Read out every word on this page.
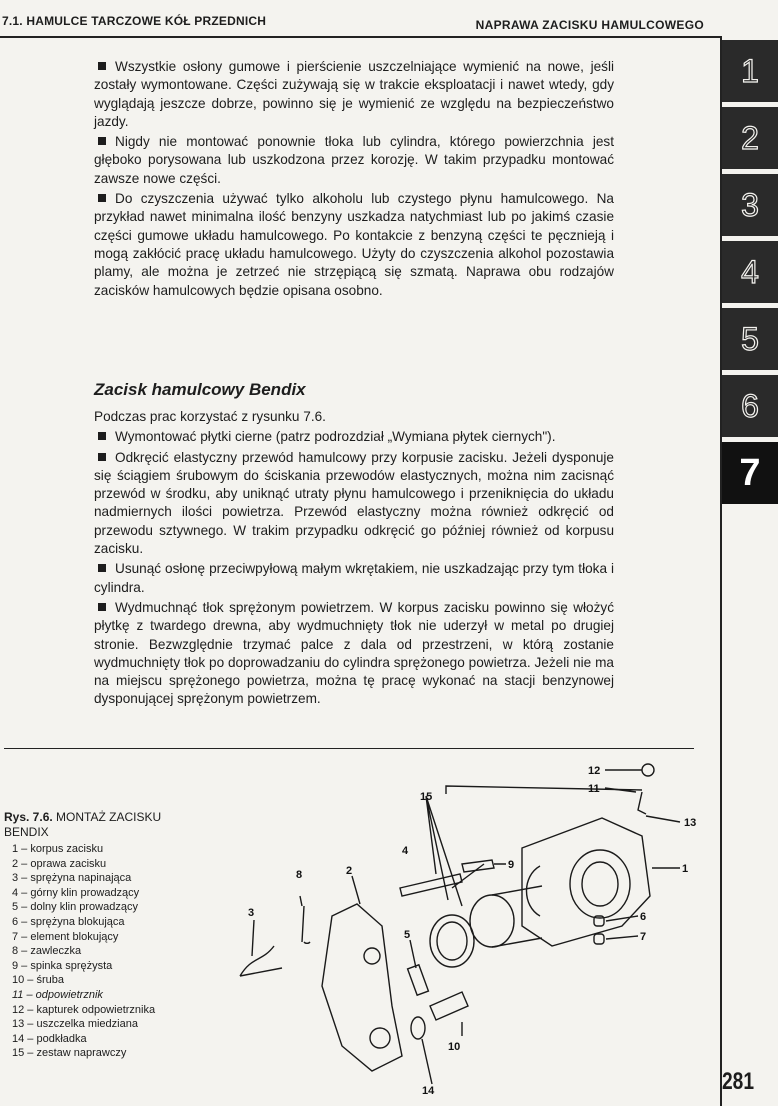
7.1. HAMULCE TARCZOWE KÓŁ PRZEDNICH	NAPRAWA ZACISKU HAMULCOWEGO
1
2
3
4
5
6
7

Wszystkie osłony gumowe i pierścienie uszczelniające wymienić na nowe, jeśli zostały wymontowane. Części zużywają się w trakcie eksploatacji i nawet wtedy, gdy wyglądają jeszcze dobrze, powinno się je wymienić ze względu na bezpieczeństwo jazdy.

Nigdy nie montować ponownie tłoka lub cylindra, którego powierzchnia jest głęboko porysowana lub uszkodzona przez korozję. W takim przypadku montować zawsze nowe części.

Do czyszczenia używać tylko alkoholu lub czystego płynu hamulcowego. Na przykład nawet minimalna ilość benzyny uszkadza natychmiast lub po jakimś czasie części gumowe układu hamulcowego. Po kontakcie z benzyną części te pęcznieją i mogą zakłócić pracę układu hamulcowego. Użyty do czyszczenia alkohol pozostawia plamy, ale można je zetrzeć nie strzępiącą się szmatą. Naprawa obu rodzajów zacisków hamulcowych będzie opisana osobno.

Zacisk hamulcowy Bendix

Podczas prac korzystać z rysunku 7.6.

Wymontować płytki cierne (patrz podrozdział „Wymiana płytek ciernych").

Odkręcić elastyczny przewód hamulcowy przy korpusie zacisku. Jeżeli dysponuje się ściągiem śrubowym do ściskania przewodów elastycznych, można nim zacisnąć przewód w środku, aby uniknąć utraty płynu hamulcowego i przeniknięcia do układu nadmiernych ilości powietrza. Przewód elastyczny można również odkręcić od przewodu sztywnego. W trakim przypadku odkręcić go później również od korpusu zacisku.

Usunąć osłonę przeciwpyłową małym wkrętakiem, nie uszkadzając przy tym tłoka i cylindra.

Wydmuchnąć tłok sprężonym powietrzem. W korpus zacisku powinno się włożyć płytkę z twardego drewna, aby wydmuchnięty tłok nie uderzył w metal po drugiej stronie. Bezwzględnie trzymać palce z dala od przestrzeni, w którą zostanie wydmuchnięty tłok po doprowadzaniu do cylindra sprężonego powietrza. Jeżeli nie ma na miejscu sprężonego powietrza, można tę pracę wykonać na stacji benzynowej dysponującej sprężonym powietrzem.

Rys. 7.6. MONTAŻ ZACISKU BENDIX
1 – korpus zacisku
2 – oprawa zacisku
3 – sprężyna napinająca
4 – górny klin prowadzący
5 – dolny klin prowadzący
6 – sprężyna blokująca
7 – element blokujący
8 – zawleczka
9 – spinka sprężysta
10 – śruba
11 – odpowietrznik
12 – kapturek odpowietrznika
13 – uszczelka miedziana
14 – podkładka
15 – zestaw naprawczy
12
11
15
13
4
9	1
2
8
3
5
6
7
10
14	281
